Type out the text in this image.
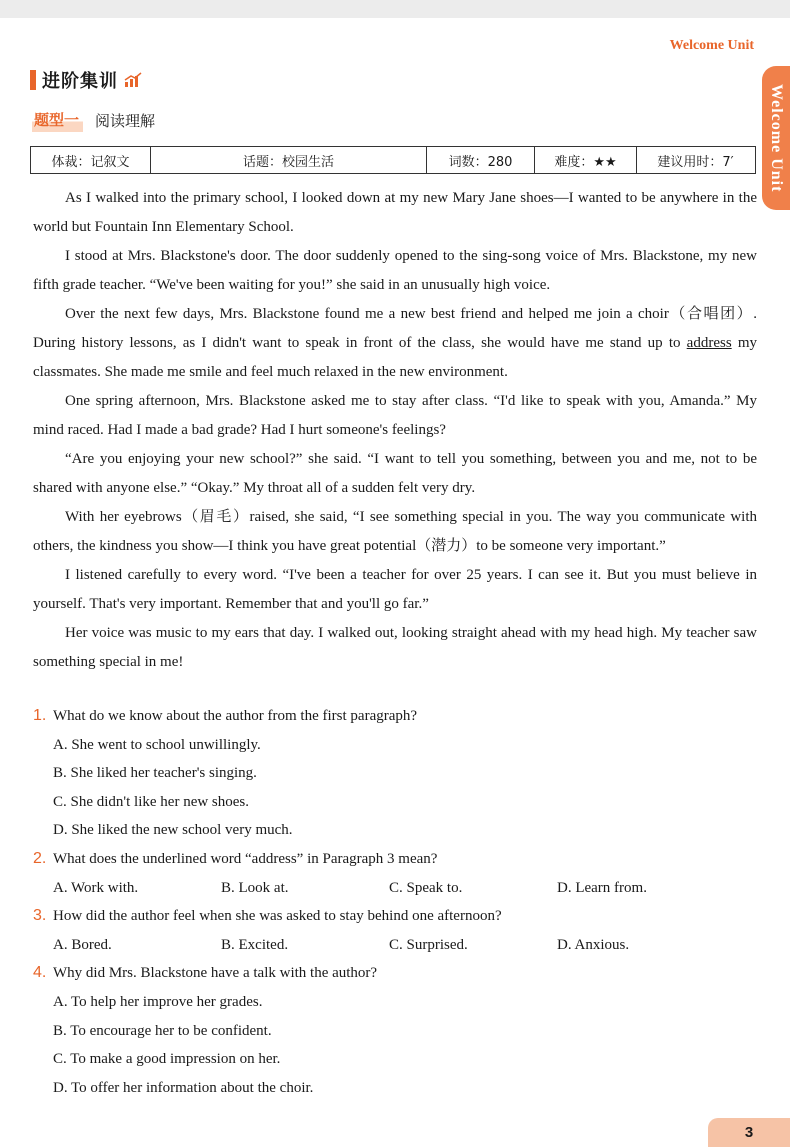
Welcome Unit
Welcome Unit
进阶集训
题型一 阅读理解
体裁：记叙文	话题：校园生活	词数：280	难度：★★	建议用时：7′

As I walked into the primary school, I looked down at my new Mary Jane shoes—I wanted to be anywhere in the world but Fountain Inn Elementary School.

I stood at Mrs. Blackstone's door. The door suddenly opened to the sing-song voice of Mrs. Blackstone, my new fifth grade teacher. “We've been waiting for you!” she said in an unusually high voice.

Over the next few days, Mrs. Blackstone found me a new best friend and helped me join a choir（合唱团）. During history lessons, as I didn't want to speak in front of the class, she would have me stand up to address my classmates. She made me smile and feel much relaxed in the new environment.

One spring afternoon, Mrs. Blackstone asked me to stay after class. “I'd like to speak with you, Amanda.” My mind raced. Had I made a bad grade? Had I hurt someone's feelings?

“Are you enjoying your new school?” she said. “I want to tell you something, between you and me, not to be shared with anyone else.” “Okay.” My throat all of a sudden felt very dry.

With her eyebrows（眉毛）raised, she said, “I see something special in you. The way you communicate with others, the kindness you show—I think you have great potential（潜力）to be someone very important.”

I listened carefully to every word. “I've been a teacher for over 25 years. I can see it. But you must believe in yourself. That's very important. Remember that and you'll go far.”

Her voice was music to my ears that day. I walked out, looking straight ahead with my head high. My teacher saw something special in me!

1. What do we know about the author from the first paragraph?
A. She went to school unwillingly.
B. She liked her teacher's singing.
C. She didn't like her new shoes.
D. She liked the new school very much.
2. What does the underlined word “address” in Paragraph 3 mean?
A. Work with.	B. Look at.	C. Speak to.	D. Learn from.
3. How did the author feel when she was asked to stay behind one afternoon?
A. Bored.	B. Excited.	C. Surprised.	D. Anxious.
4. Why did Mrs. Blackstone have a talk with the author?
A. To help her improve her grades.
B. To encourage her to be confident.
C. To make a good impression on her.
D. To offer her information about the choir.
3
